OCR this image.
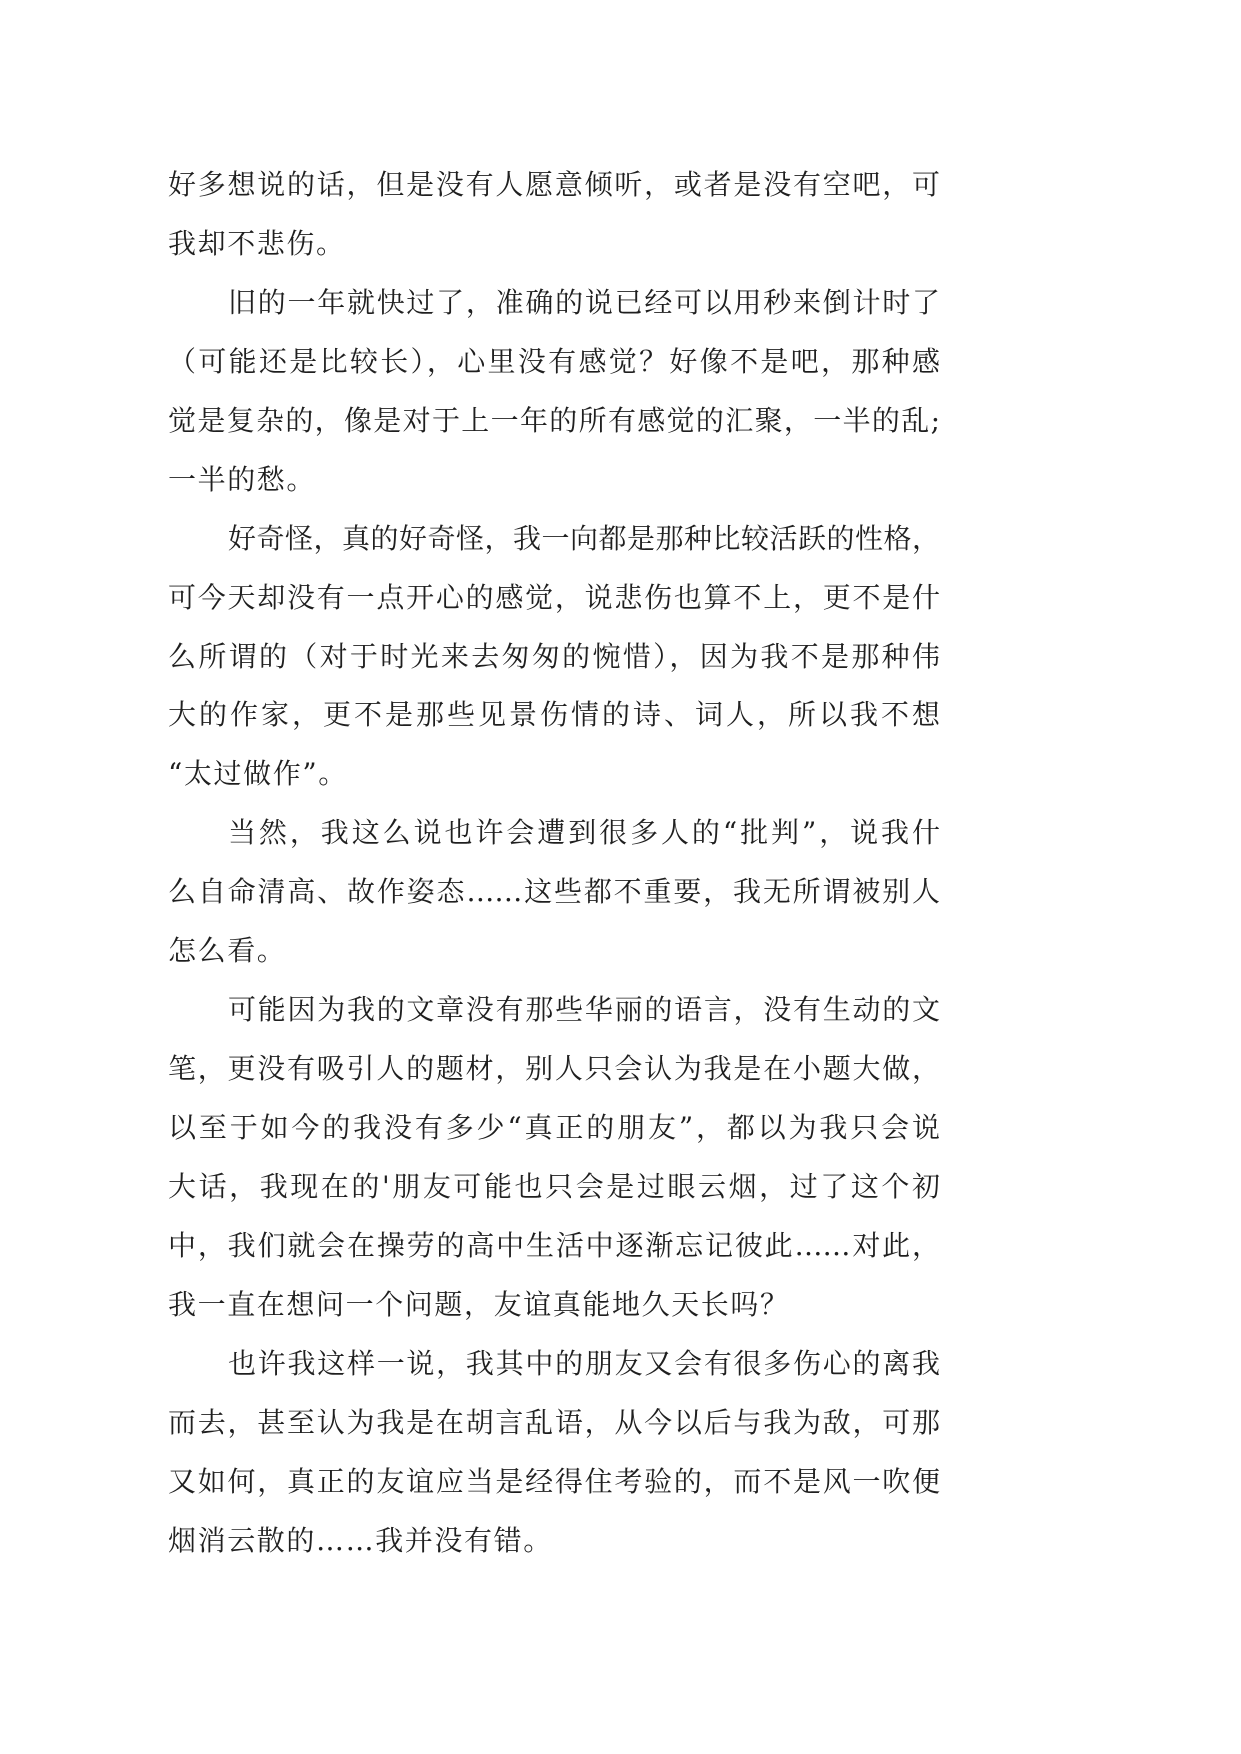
好多想说的话，但是没有人愿意倾听，或者是没有空吧，可
我却不悲伤。
旧的一年就快过了，准确的说已经可以用秒来倒计时了
（可能还是比较长），心里没有感觉？好像不是吧，那种感
觉是复杂的，像是对于上一年的所有感觉的汇聚，一半的乱;
一半的愁。
好奇怪，真的好奇怪，我一向都是那种比较活跃的性格，
可今天却没有一点开心的感觉，说悲伤也算不上，更不是什
么所谓的（对于时光来去匆匆的惋惜），因为我不是那种伟
大的作家，更不是那些见景伤情的诗、词人，所以我不想
“太过做作”。
当然，我这么说也许会遭到很多人的“批判”，说我什
么自命清高、故作姿态……这些都不重要，我无所谓被别人
怎么看。
可能因为我的文章没有那些华丽的语言，没有生动的文
笔，更没有吸引人的题材，别人只会认为我是在小题大做，
以至于如今的我没有多少“真正的朋友”，都以为我只会说
大话，我现在的'朋友可能也只会是过眼云烟，过了这个初
中，我们就会在操劳的高中生活中逐渐忘记彼此……对此，
我一直在想问一个问题，友谊真能地久天长吗？
也许我这样一说，我其中的朋友又会有很多伤心的离我
而去，甚至认为我是在胡言乱语，从今以后与我为敌，可那
又如何，真正的友谊应当是经得住考验的，而不是风一吹便
烟消云散的……我并没有错。
